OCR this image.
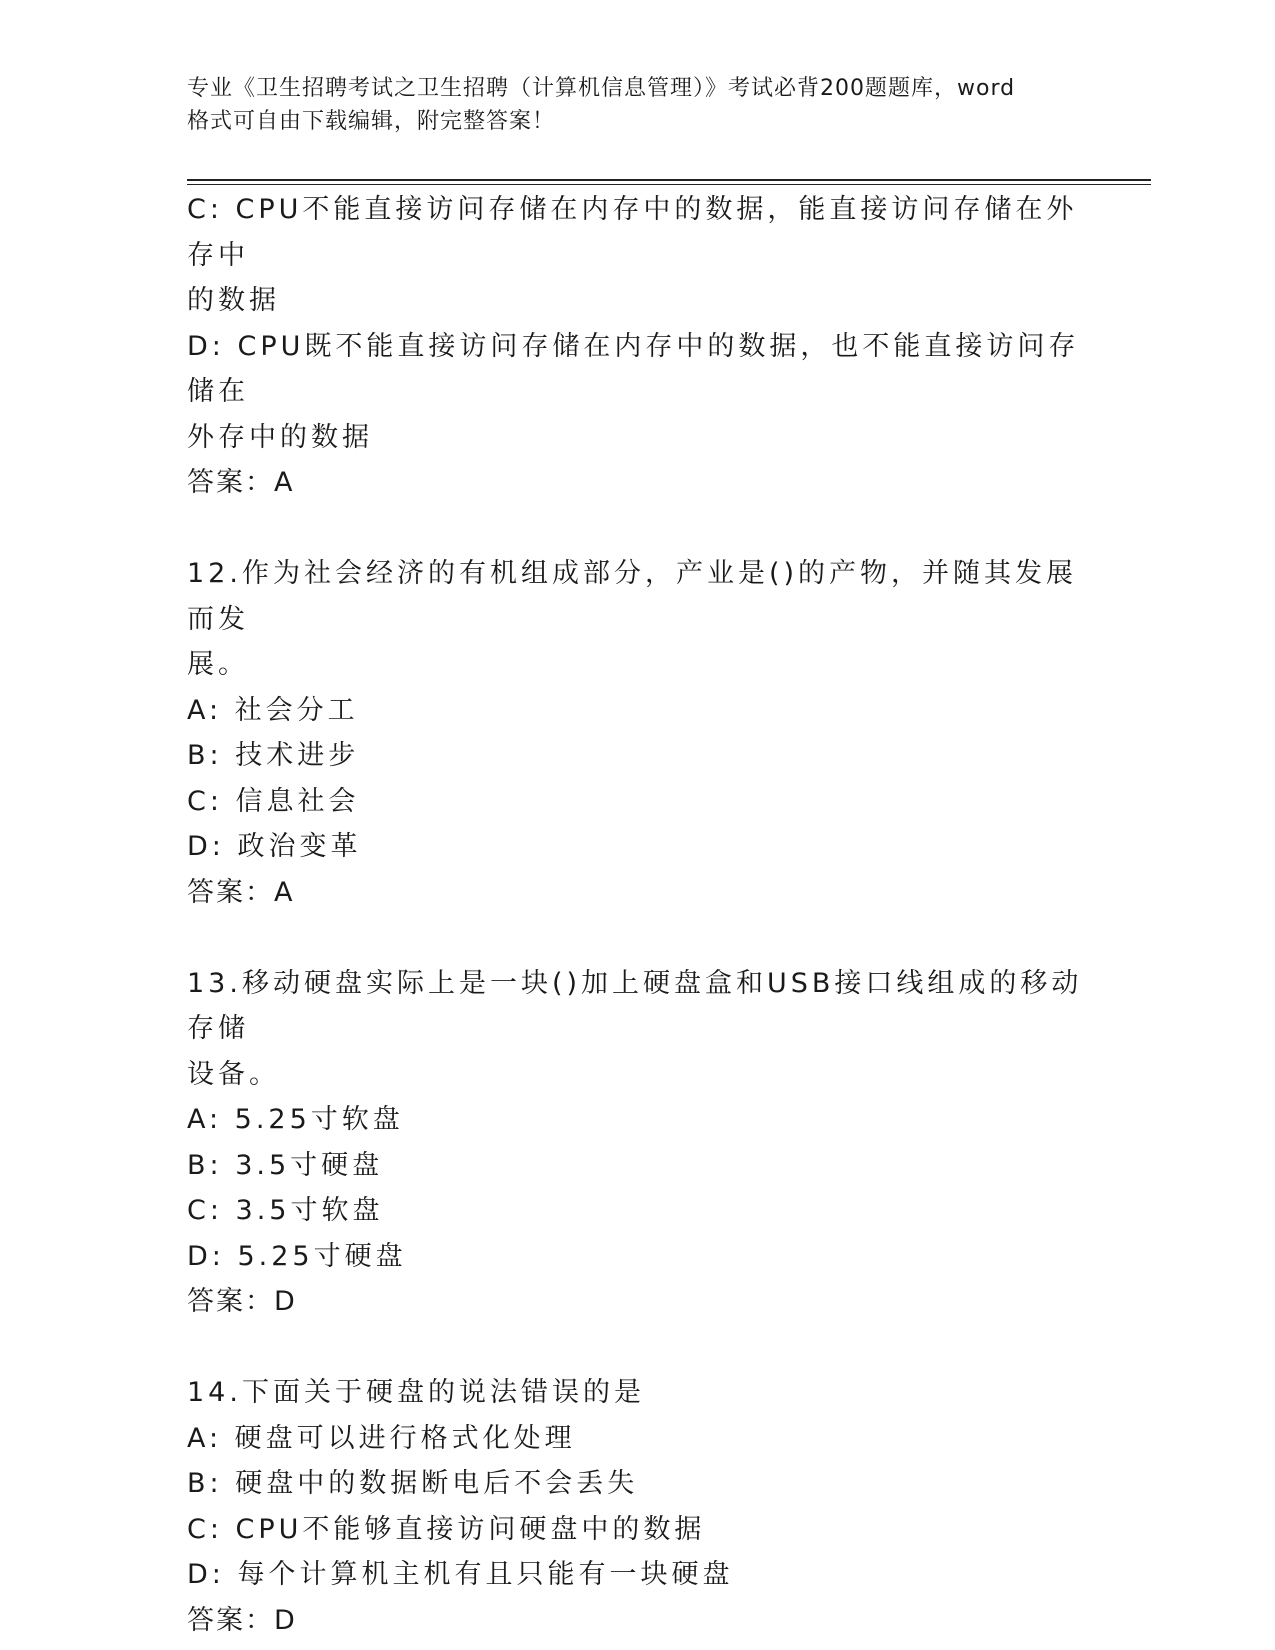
专业《卫生招聘考试之卫生招聘（计算机信息管理）》考试必背200题题库，word
格式可自由下载编辑，附完整答案！
C: CPU不能直接访问存储在内存中的数据，能直接访问存储在外存中
的数据
D: CPU既不能直接访问存储在内存中的数据，也不能直接访问存储在
外存中的数据
答案：A
12.作为社会经济的有机组成部分，产业是()的产物，并随其发展而发
展。
A: 社会分工
B: 技术进步
C: 信息社会
D: 政治变革
答案：A
13.移动硬盘实际上是一块()加上硬盘盒和USB接口线组成的移动存储
设备。
A: 5.25寸软盘
B: 3.5寸硬盘
C: 3.5寸软盘
D: 5.25寸硬盘
答案：D
14.下面关于硬盘的说法错误的是
A: 硬盘可以进行格式化处理
B: 硬盘中的数据断电后不会丢失
C: CPU不能够直接访问硬盘中的数据
D: 每个计算机主机有且只能有一块硬盘
答案：D
